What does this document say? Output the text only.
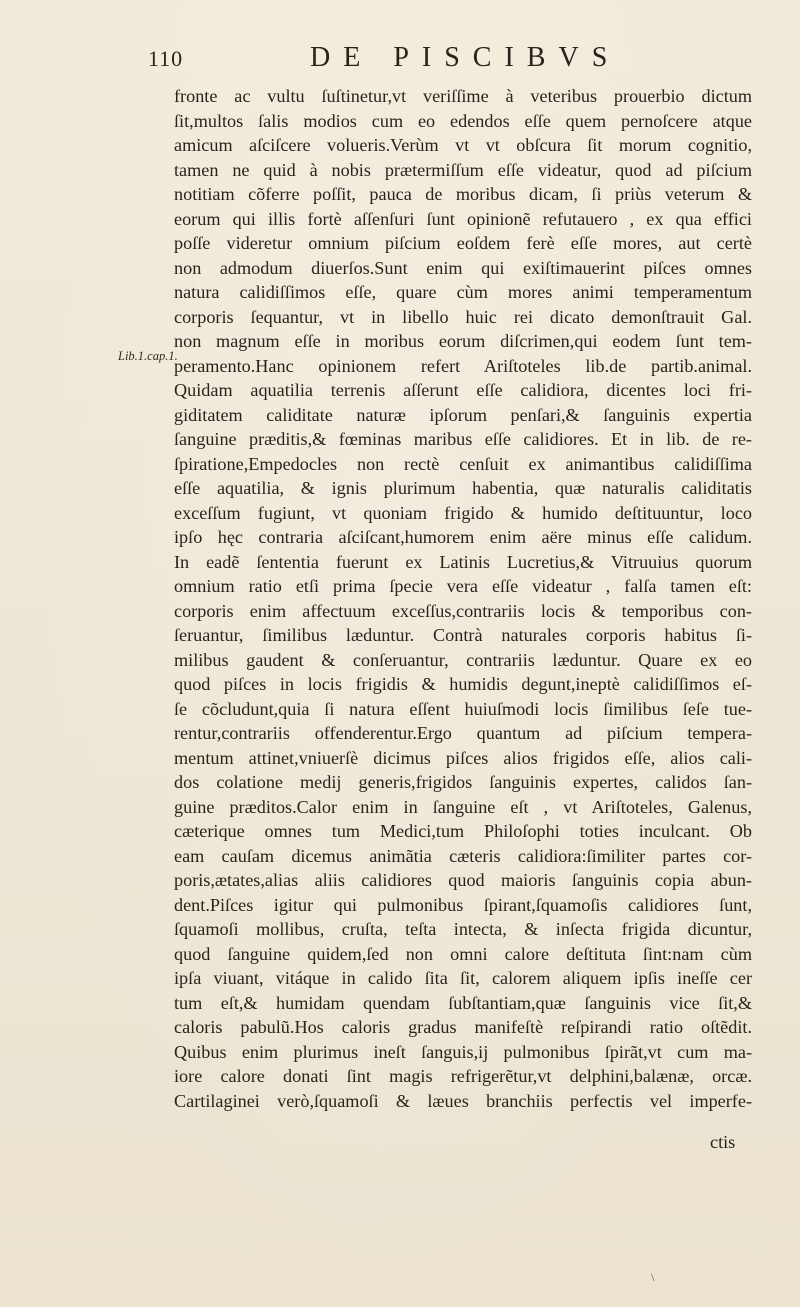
110	DE PISCIBVS
Lib.1.cap.1.
fronte ac vultu ſuſtinetur,vt veriſſime à veteribus prouerbio dictum
ſit,multos ſalis modios cum eo edendos eſſe quem pernoſcere atque
amicum aſciſcere volueris.Verùm vt vt obſcura ſit morum cognitio,
tamen ne quid à nobis prætermiſſum eſſe videatur, quod ad piſcium
notitiam cõferre poſſit, pauca de moribus dicam, ſi priùs veterum &
eorum qui illis fortè aſſenſuri ſunt opinionẽ refutauero , ex qua effici
poſſe videretur omnium piſcium eoſdem ferè eſſe mores, aut certè
non admodum diuerſos.Sunt enim qui exiſtimauerint piſces omnes
natura calidiſſimos eſſe, quare cùm mores animi temperamentum
corporis ſequantur, vt in libello huic rei dicato demonſtrauit Gal.
non magnum eſſe in moribus eorum diſcrimen,qui eodem ſunt tem-
peramento.Hanc opinionem refert Ariſtoteles lib.de partib.animal.
Quidam aquatilia terrenis aſſerunt eſſe calidiora, dicentes loci fri-
giditatem caliditate naturæ ipſorum penſari,& ſanguinis expertia
ſanguine præditis,& fœminas maribus eſſe calidiores. Et in lib. de re-
ſpiratione,Empedocles non rectè cenſuit ex animantibus calidiſſima
eſſe aquatilia, & ignis plurimum habentia, quæ naturalis caliditatis
exceſſum fugiunt, vt quoniam frigido & humido deſtituuntur, loco
ipſo hęc contraria aſciſcant,humorem enim aëre minus eſſe calidum.
In eadẽ ſententia fuerunt ex Latinis Lucretius,& Vitruuius quorum
omnium ratio etſi prima ſpecie vera eſſe videatur , falſa tamen eſt:
corporis enim affectuum exceſſus,contrariis locis & temporibus con-
ſeruantur, ſimilibus læduntur. Contrà naturales corporis habitus ſi-
milibus gaudent & conſeruantur, contrariis læduntur. Quare ex eo
quod piſces in locis frigidis & humidis degunt,ineptè calidiſſimos eſ-
ſe cõcludunt,quia ſi natura eſſent huiuſmodi locis ſimilibus ſeſe tue-
rentur,contrariis offenderentur.Ergo quantum ad piſcium tempera-
mentum attinet,vniuerſè dicimus piſces alios frigidos eſſe, alios cali-
dos colatione medij generis,frigidos ſanguinis expertes, calidos ſan-
guine præditos.Calor enim in ſanguine eſt , vt Ariſtoteles, Galenus,
cæterique omnes tum Medici,tum Philoſophi toties inculcant. Ob
eam cauſam dicemus animãtia cæteris calidiora:ſimiliter partes cor-
poris,ætates,alias aliis calidiores quod maioris ſanguinis copia abun-
dent.Piſces igitur qui pulmonibus ſpirant,ſquamoſis calidiores ſunt,
ſquamoſi mollibus, cruſta, teſta intecta, & inſecta frigida dicuntur,
quod ſanguine quidem,ſed non omni calore deſtituta ſint:nam cùm
ipſa viuant, vitáque in calido ſita ſit, calorem aliquem ipſis ineſſe cer
tum eſt,& humidam quendam ſubſtantiam,quæ ſanguinis vice ſit,&
caloris pabulũ.Hos caloris gradus manifeſtè reſpirandi ratio oſtẽdit.
Quibus enim plurimus ineſt ſanguis,ij pulmonibus ſpirãt,vt cum ma-
iore calore donati ſint magis refrigerẽtur,vt delphini,balænæ, orcæ.
Cartilaginei verò,ſquamoſi & læues branchiis perfectis vel imperfe-
ctis
\
